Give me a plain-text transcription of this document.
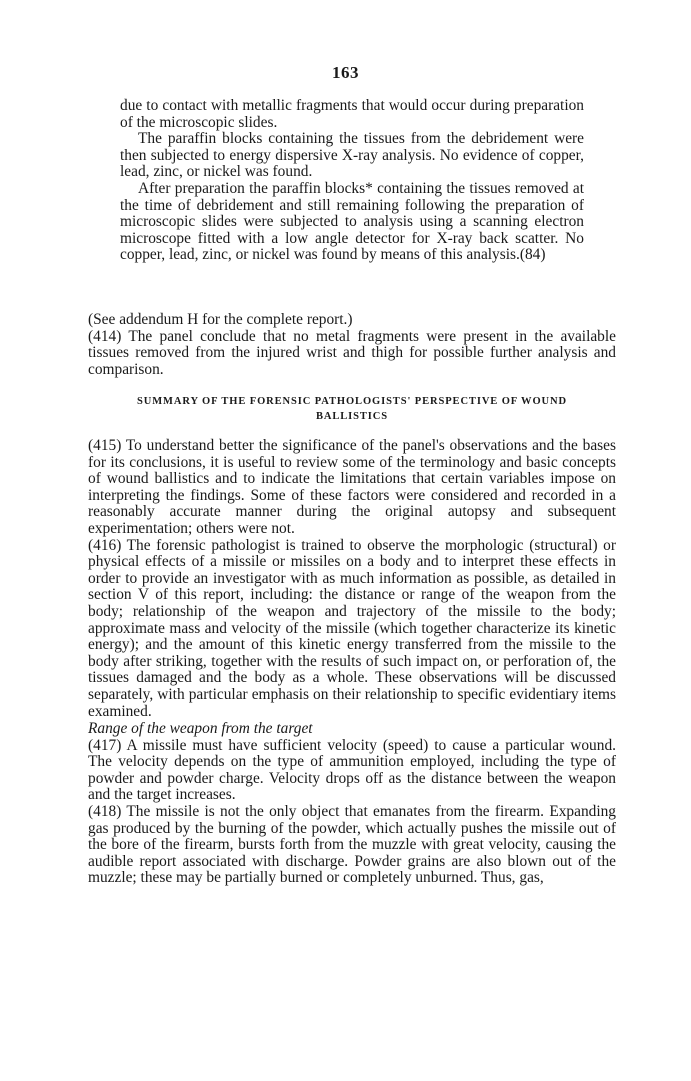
163

due to contact with metallic fragments that would occur during preparation of the microscopic slides.

The paraffin blocks containing the tissues from the debridement were then subjected to energy dispersive X-ray analysis. No evidence of copper, lead, zinc, or nickel was found.

After preparation the paraffin blocks* containing the tissues removed at the time of debridement and still remaining following the preparation of microscopic slides were subjected to analysis using a scanning electron microscope fitted with a low angle detector for X-ray back scatter. No copper, lead, zinc, or nickel was found by means of this analysis.(84)

(See addendum H for the complete report.)

(414) The panel conclude that no metal fragments were present in the available tissues removed from the injured wrist and thigh for possible further analysis and comparison.

SUMMARY OF THE FORENSIC PATHOLOGISTS' PERSPECTIVE OF WOUND BALLISTICS

(415) To understand better the significance of the panel's observations and the bases for its conclusions, it is useful to review some of the terminology and basic concepts of wound ballistics and to indicate the limitations that certain variables impose on interpreting the findings. Some of these factors were considered and recorded in a reasonably accurate manner during the original autopsy and subsequent experimentation; others were not.

(416) The forensic pathologist is trained to observe the morphologic (structural) or physical effects of a missile or missiles on a body and to interpret these effects in order to provide an investigator with as much information as possible, as detailed in section V of this report, including: the distance or range of the weapon from the body; relationship of the weapon and trajectory of the missile to the body; approximate mass and velocity of the missile (which together characterize its kinetic energy); and the amount of this kinetic energy transferred from the missile to the body after striking, together with the results of such impact on, or perforation of, the tissues damaged and the body as a whole. These observations will be discussed separately, with particular emphasis on their relationship to specific evidentiary items examined.

Range of the weapon from the target

(417) A missile must have sufficient velocity (speed) to cause a particular wound. The velocity depends on the type of ammunition employed, including the type of powder and powder charge. Velocity drops off as the distance between the weapon and the target increases.

(418) The missile is not the only object that emanates from the firearm. Expanding gas produced by the burning of the powder, which actually pushes the missile out of the bore of the firearm, bursts forth from the muzzle with great velocity, causing the audible report associated with discharge. Powder grains are also blown out of the muzzle; these may be partially burned or completely unburned. Thus, gas,
